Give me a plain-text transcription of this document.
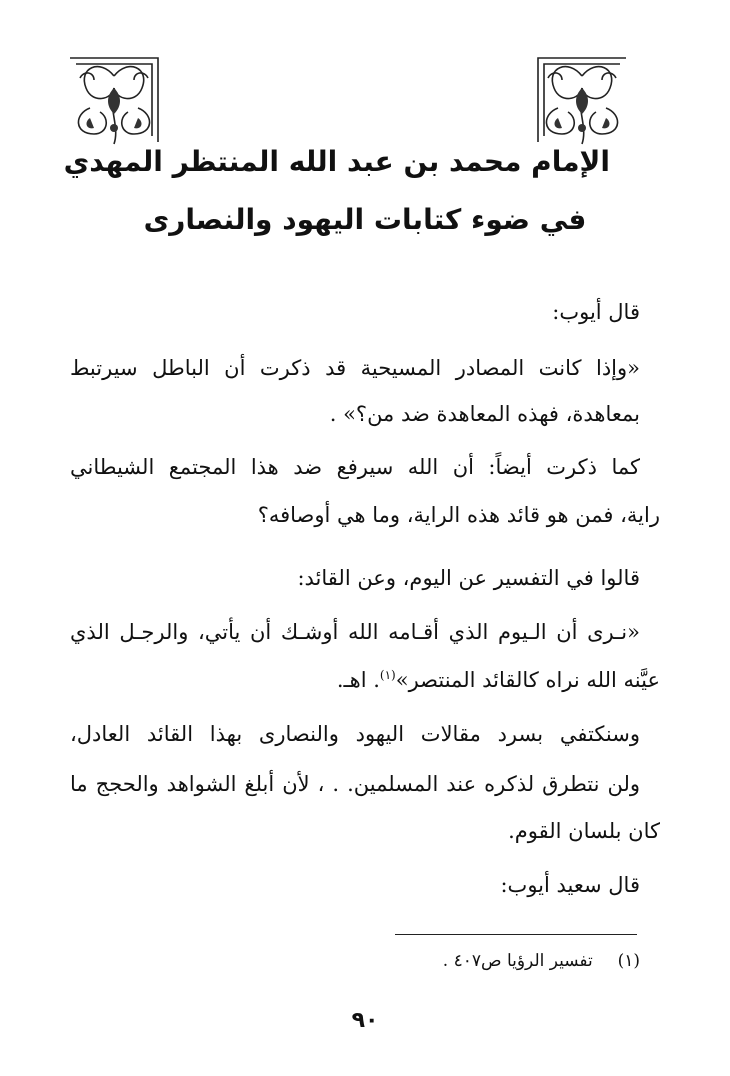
الإمام محمد بن عبد الله المنتظر المهدي
في ضوء كتابات اليهود والنصارى
قال أيوب:
«وإذا كانت المصادر المسيحية قد ذكرت أن الباطل سيرتبط
بمعاهدة، فهذه المعاهدة ضد من؟» .
كما ذكرت أيضاً: أن الله سيرفع ضد هذا المجتمع الشيطاني
راية، فمن هو قائد هذه الراية، وما هي أوصافه؟
قالوا في التفسير عن اليوم، وعن القائد:
«نـرى أن الـيوم الذي أقـامه الله أوشـك أن يأتي، والرجـل الذي
عيَّنه الله نراه كالقائد المنتصر»$^{(١)}$. اهـ.
وسنكتفي بسرد مقالات اليهود والنصارى بهذا القائد العادل،
ولن نتطرق لذكره عند المسلمين. . ، لأن أبلغ الشواهد والحجج ما
كان بلسان القوم.
قال سعيد أيوب:
(١)  تفسير الرؤيا ص٤٠٧ .
٩٠
